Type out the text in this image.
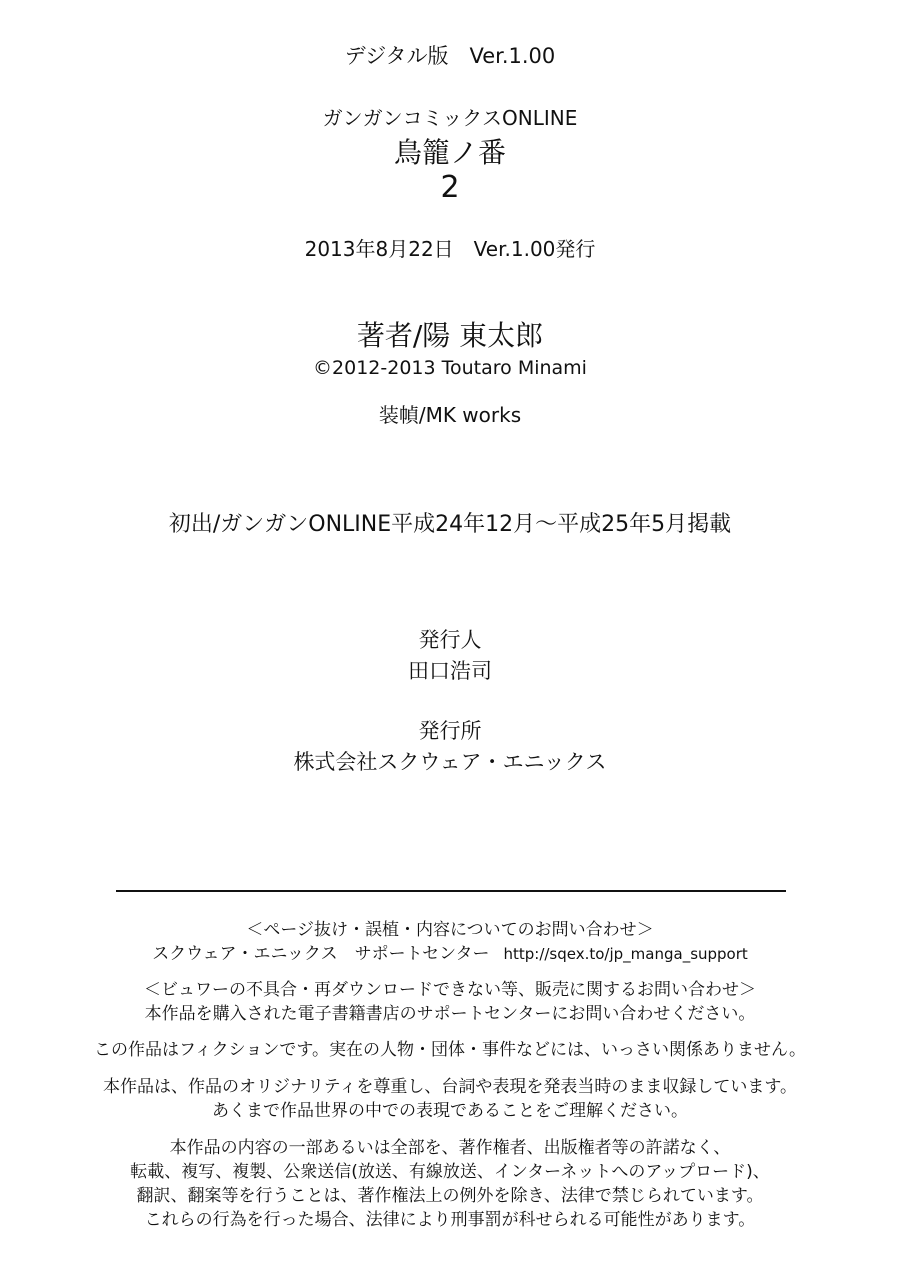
デジタル版　Ver.1.00
ガンガンコミックスONLINE
鳥籠ノ番
2
2013年8月22日　Ver.1.00発行
著者/陽 東太郎
©2012-2013 Toutaro Minami
装幀/MK works
初出/ガンガンONLINE平成24年12月～平成25年5月掲載
発行人
田口浩司
発行所
株式会社スクウェア・エニックス
＜ページ抜け・誤植・内容についてのお問い合わせ＞
スクウェア・エニックス　サポートセンター http://sqex.to/jp_manga_support
＜ビュワーの不具合・再ダウンロードできない等、販売に関するお問い合わせ＞
本作品を購入された電子書籍書店のサポートセンターにお問い合わせください。
この作品はフィクションです。実在の人物・団体・事件などには、いっさい関係ありません。
本作品は、作品のオリジナリティを尊重し、台詞や表現を発表当時のまま収録しています。
あくまで作品世界の中での表現であることをご理解ください。
本作品の内容の一部あるいは全部を、著作権者、出版権者等の許諾なく、
転載、複写、複製、公衆送信(放送、有線放送、インターネットへのアップロード)、
翻訳、翻案等を行うことは、著作権法上の例外を除き、法律で禁じられています。
これらの行為を行った場合、法律により刑事罰が科せられる可能性があります。
